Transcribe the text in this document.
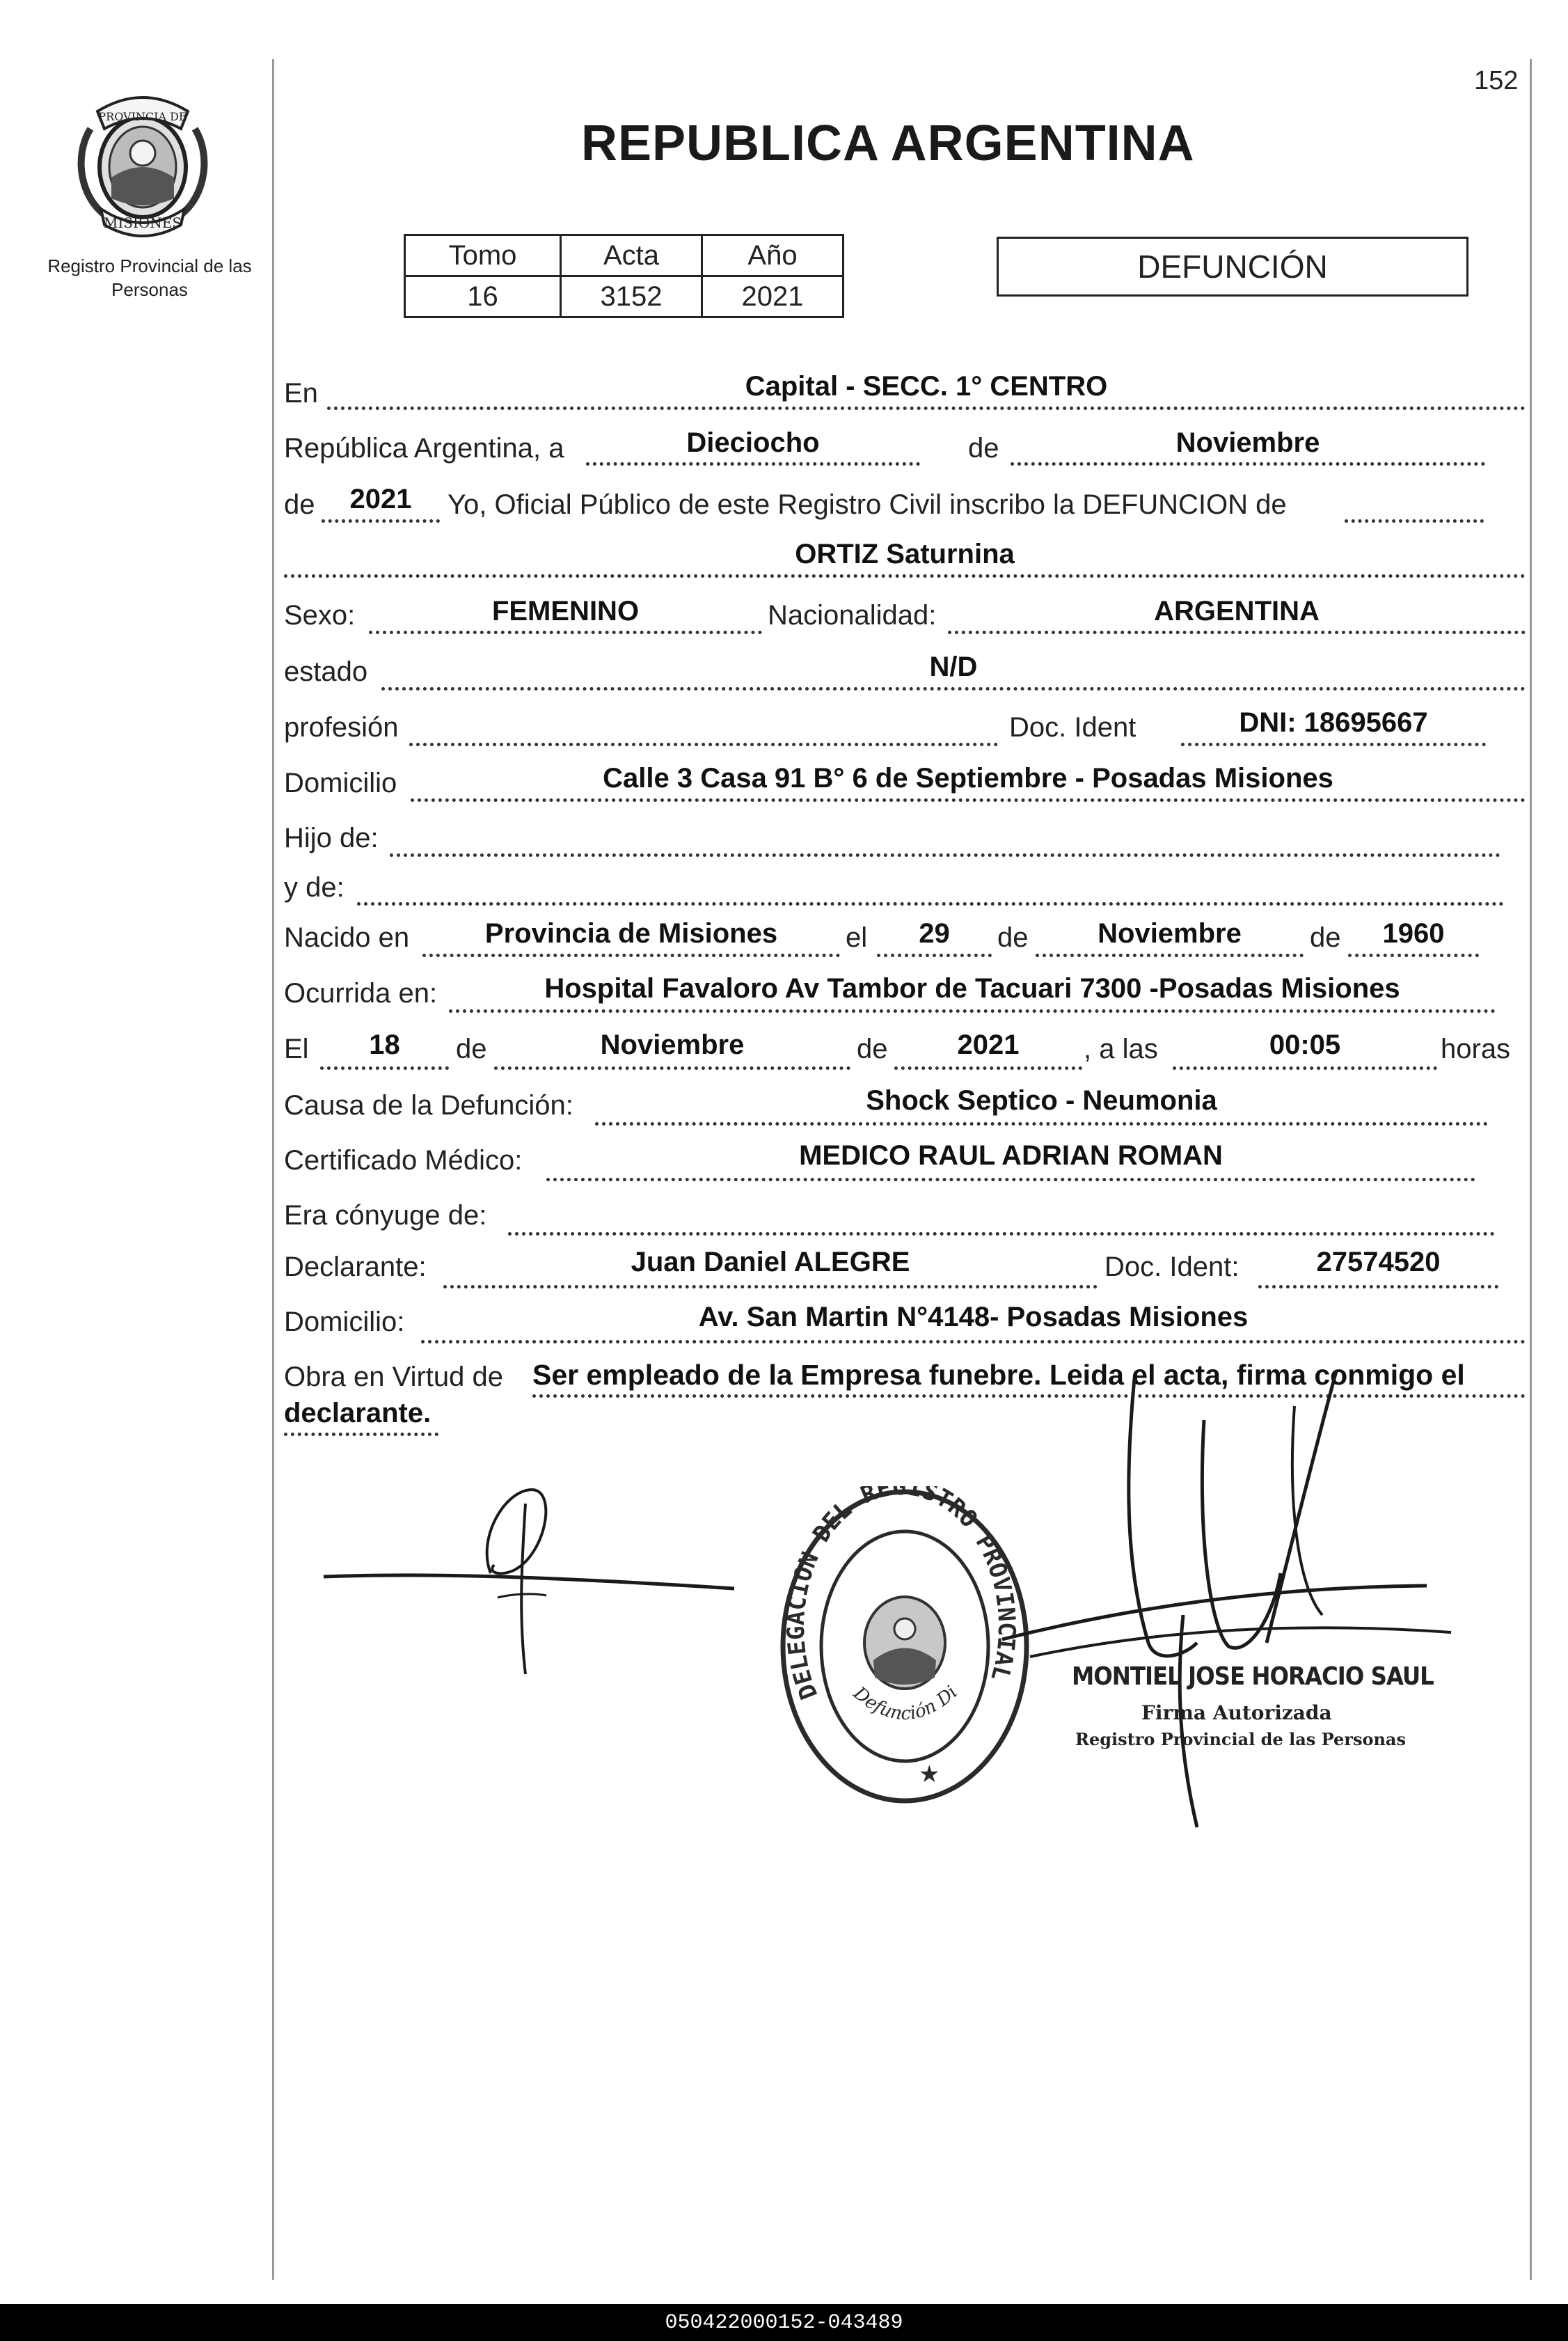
152
PROVINCIA DE
MISIONES
Registro Provincial de las Personas
REPUBLICA ARGENTINA
Tomo	Acta	Año
16	3152	2021
DEFUNCIÓN
En	Capital - SECC. 1° CENTRO
República Argentina, a	Dieciocho	de	Noviembre
de	2021	Yo, Oficial Público de este Registro Civil inscribo la DEFUNCION de
ORTIZ Saturnina
Sexo:	FEMENINO	Nacionalidad:	ARGENTINA
estado	N/D
profesión	Doc. Ident	DNI: 18695667
Domicilio	Calle 3 Casa 91 B° 6 de Septiembre - Posadas Misiones
Hijo de:
y de:
Nacido en	Provincia de Misiones	el	29	de	Noviembre	de	1960
Ocurrida en:	Hospital Favaloro Av Tambor de Tacuari 7300 -Posadas Misiones
El	18	de	Noviembre	de	2021	, a las	00:05	horas
Causa de la Defunción:	Shock Septico - Neumonia
Certificado Médico:	MEDICO RAUL ADRIAN ROMAN
Era cónyuge de:
Declarante:	Juan Daniel ALEGRE	Doc. Ident:	27574520
Domicilio:	Av. San Martin N°4148- Posadas Misiones
Obra en Virtud de Ser empleado de la Empresa funebre. Leida el acta, firma conmigo el
declarante.
DELEGACION DEL REGISTRO PROVINCIAL
Defunción Di
★
MONTIEL JOSE HORACIO SAUL
Firma Autorizada
Registro Provincial de las Personas
050422000152-043489
